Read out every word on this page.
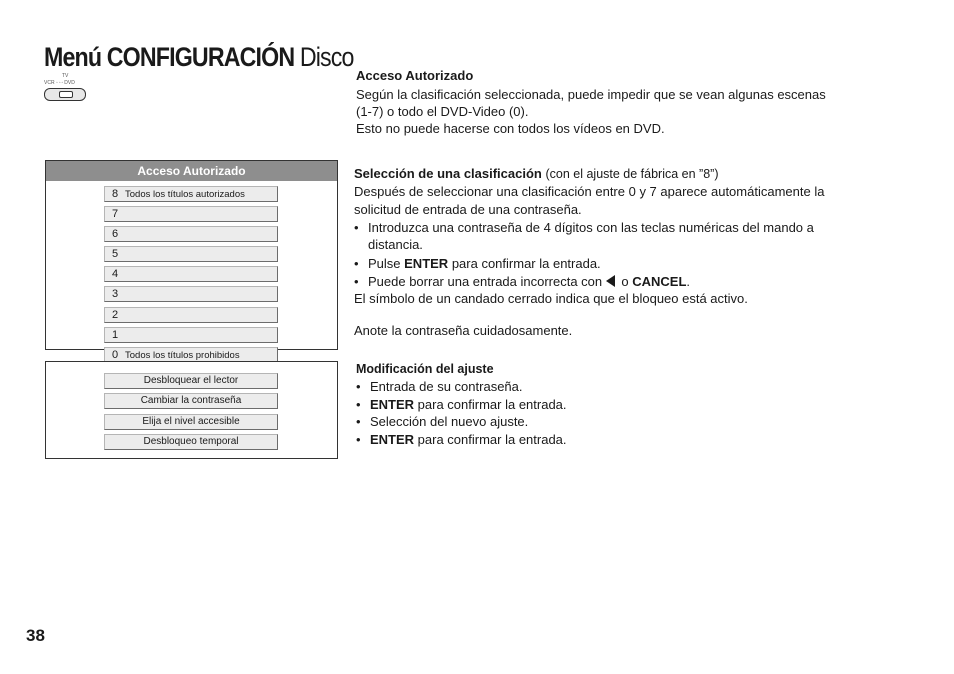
Menú CONFIGURACIÓN Disco
TV
VCR ◦◦◦DVD
Acceso Autorizado
8 Todos los títulos autorizados
7
6
5
4
3
2
1
0 Todos los títulos prohibidos
Desbloquear el lector
Cambiar la contraseña
Elija el nivel accesible
Desbloqueo temporal
Acceso Autorizado
Según la clasificación seleccionada, puede impedir que se vean algunas escenas
(1-7) o todo el DVD-Video (0).
Esto no puede hacerse con todos los vídeos en DVD.
Selección de una clasificación (con el ajuste de fábrica en ”8”)
Después de seleccionar una clasificación entre 0 y 7 aparece automáticamente la
solicitud de entrada de una contraseña.
• Introduzca una contraseña de 4 dígitos con las teclas numéricas del mando a
distancia.
• Pulse ENTER para confirmar la entrada.
• Puede borrar una entrada incorrecta con  o CANCEL.
El símbolo de un candado cerrado indica que el bloqueo está activo.
Anote la contraseña cuidadosamente.
Modificación del ajuste
• Entrada de su contraseña.
• ENTER para confirmar la entrada.
• Selección del nuevo ajuste.
• ENTER para confirmar la entrada.
38
